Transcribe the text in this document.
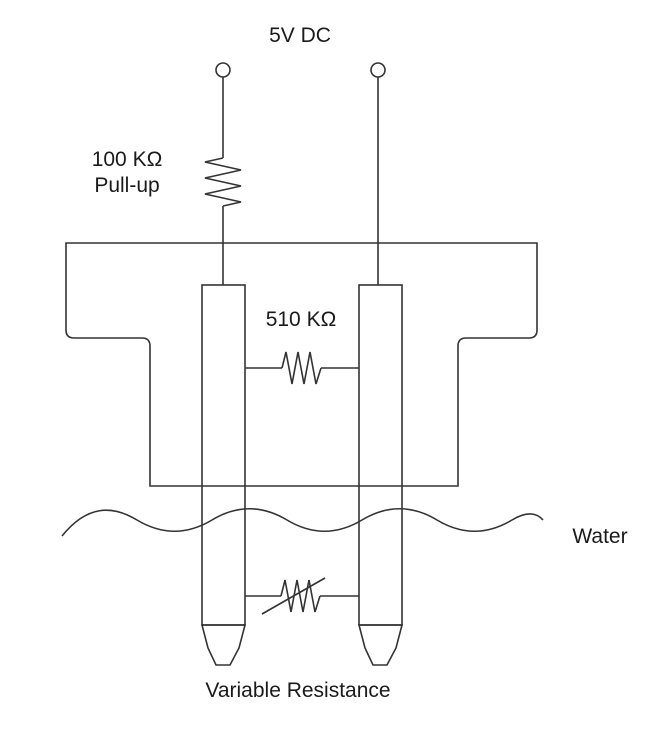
5V DC
100 KΩ
Pull-up
510 KΩ
Water
Variable Resistance
